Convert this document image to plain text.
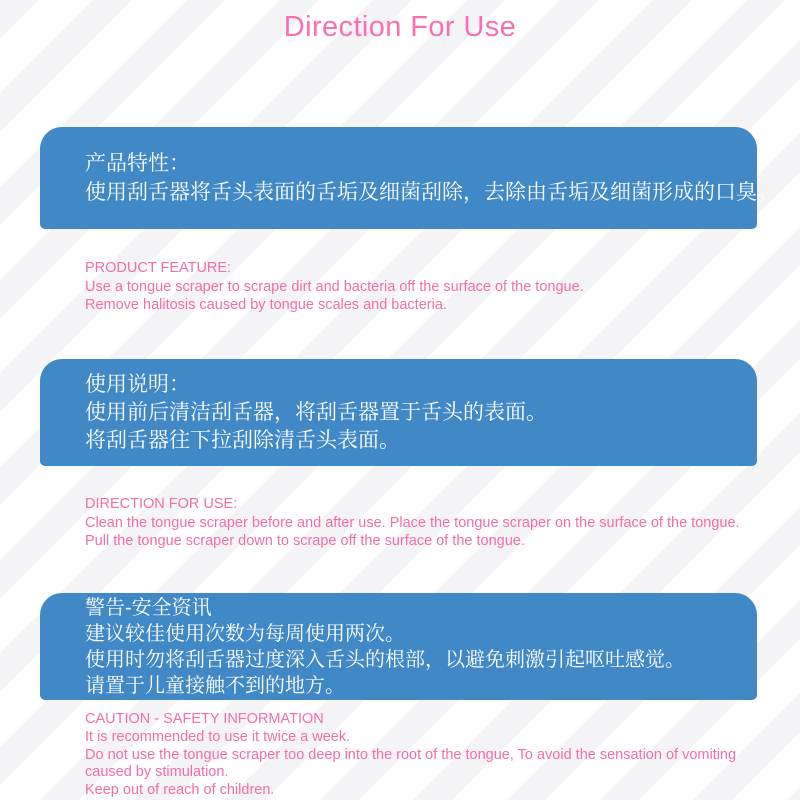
Direction For Use
产品特性：
使用刮舌器将舌头表面的舌垢及细菌刮除，去除由舌垢及细菌形成的口臭。
PRODUCT FEATURE:
Use a tongue scraper to scrape dirt and bacteria off the surface of the tongue.
Remove halitosis caused by tongue scales and bacteria.
使用说明：
使用前后清洁刮舌器，将刮舌器置于舌头的表面。
将刮舌器往下拉刮除清舌头表面。
DIRECTION FOR USE:
Clean the tongue scraper before and after use. Place the tongue scraper on the surface of the tongue.
Pull the tongue scraper down to scrape off the surface of the tongue.
警告-安全资讯
建议较佳使用次数为每周使用两次。
使用时勿将刮舌器过度深入舌头的根部，以避免刺激引起呕吐感觉。
请置于儿童接触不到的地方。
CAUTION - SAFETY INFORMATION
It is recommended to use it twice a week.
Do not use the tongue scraper too deep into the root of the tongue, To avoid the sensation of vomiting
caused by stimulation.
Keep out of reach of children.
